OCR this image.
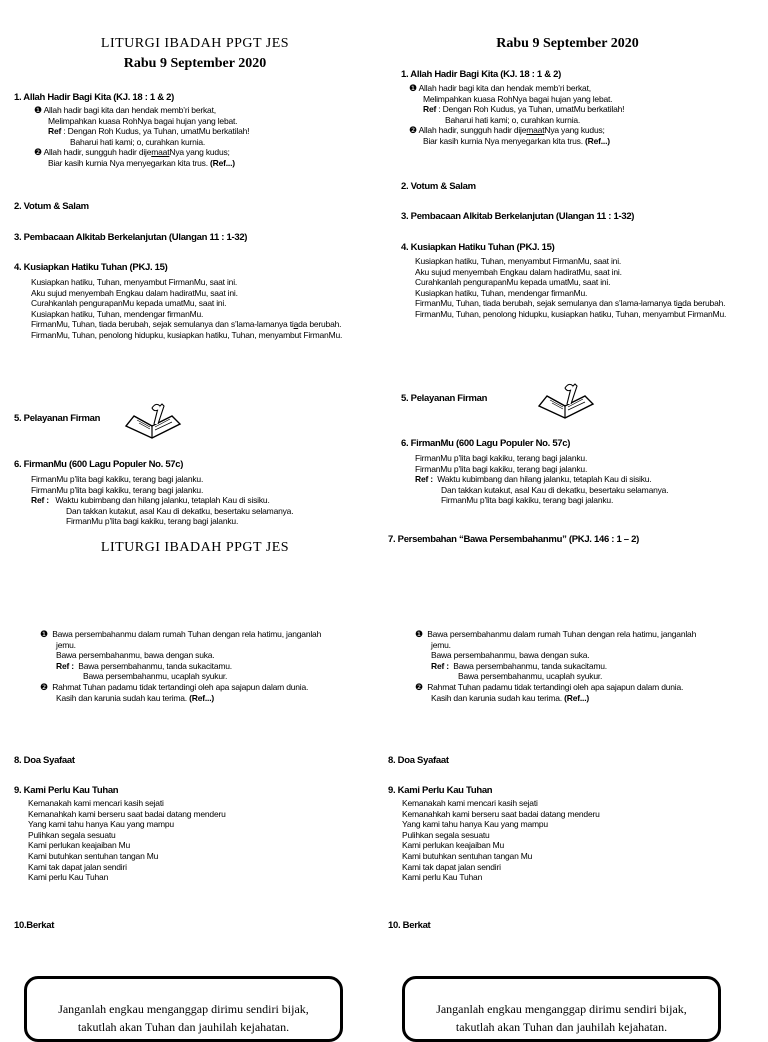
LITURGI IBADAH PPGT JES
Rabu 9 September 2020
1. Allah Hadir Bagi Kita (KJ. 18 : 1 & 2)
❶ Allah hadir bagi kita dan hendak memb’ri berkat,
Melimpahkan kuasa RohNya bagai hujan yang lebat.
Ref : Dengan Roh Kudus, ya Tuhan, umatMu berkatilah!
Baharui hati kami; o, curahkan kurnia.
❷ Allah hadir, sungguh hadir dijemaatNya yang kudus;
Biar kasih kurnia Nya menyegarkan kita trus. (Ref...)
2. Votum & Salam
3. Pembacaan Alkitab Berkelanjutan (Ulangan 11 : 1-32)
4. Kusiapkan Hatiku Tuhan (PKJ. 15)
Kusiapkan hatiku, Tuhan, menyambut FirmanMu, saat ini.
Aku sujud menyembah Engkau dalam hadiratMu, saat ini.
Curahkanlah pengurapanMu kepada umatMu, saat ini.
Kusiapkan hatiku, Tuhan, mendengar firmanMu.
FirmanMu, Tuhan, tiada berubah, sejak semulanya dan s’lama-lamanya tiada berubah.
FirmanMu, Tuhan, penolong hidupku, kusiapkan hatiku, Tuhan, menyambut FirmanMu.
5. Pelayanan Firman
6. FirmanMu (600 Lagu Populer No. 57c)
FirmanMu p’lita bagi kakiku, terang bagi jalanku.
FirmanMu p’lita bagi kakiku, terang bagi jalanku.
Ref : Waktu kubimbang dan hilang jalanku, tetaplah Kau di sisiku.
Dan takkan kutakut, asal Kau di dekatku, besertaku selamanya.
FirmanMu p’lita bagi kakiku, terang bagi jalanku.
LITURGI IBADAH PPGT JES
Rabu 9 September 2020
1. Allah Hadir Bagi Kita (KJ. 18 : 1 & 2)
❶ Allah hadir bagi kita dan hendak memb’ri berkat,
Melimpahkan kuasa RohNya bagai hujan yang lebat.
Ref : Dengan Roh Kudus, ya Tuhan, umatMu berkatilah!
Baharui hati kami; o, curahkan kurnia.
❷ Allah hadir, sungguh hadir dijemaatNya yang kudus;
Biar kasih kurnia Nya menyegarkan kita trus. (Ref...)
2. Votum & Salam
3. Pembacaan Alkitab Berkelanjutan (Ulangan 11 : 1-32)
4. Kusiapkan Hatiku Tuhan (PKJ. 15)
Kusiapkan hatiku, Tuhan, menyambut FirmanMu, saat ini.
Aku sujud menyembah Engkau dalam hadiratMu, saat ini.
Curahkanlah pengurapanMu kepada umatMu, saat ini.
Kusiapkan hatiku, Tuhan, mendengar firmanMu.
FirmanMu, Tuhan, tiada berubah, sejak semulanya dan s’lama-lamanya tiada berubah.
FirmanMu, Tuhan, penolong hidupku, kusiapkan hatiku, Tuhan, menyambut FirmanMu.
5. Pelayanan Firman
6. FirmanMu (600 Lagu Populer No. 57c)
FirmanMu p’lita bagi kakiku, terang bagi jalanku.
FirmanMu p’lita bagi kakiku, terang bagi jalanku.
Ref : Waktu kubimbang dan hilang jalanku, tetaplah Kau di sisiku.
Dan takkan kutakut, asal Kau di dekatku, besertaku selamanya.
FirmanMu p’lita bagi kakiku, terang bagi jalanku.
7. Persembahan “Bawa Persembahanmu” (PKJ. 146 : 1 – 2)
❶ Bawa persembahanmu dalam rumah Tuhan dengan rela hatimu, janganlah
jemu.
Bawa persembahanmu, bawa dengan suka.
Ref : Bawa persembahanmu, tanda sukacitamu.
Bawa persembahanmu, ucaplah syukur.
❷ Rahmat Tuhan padamu tidak tertandingi oleh apa sajapun dalam dunia.
Kasih dan karunia sudah kau terima. (Ref...)
8. Doa Syafaat
9. Kami Perlu Kau Tuhan
Kemanakah kami mencari kasih sejati
Kemanahkah kami berseru saat badai datang menderu
Yang kami tahu hanya Kau yang mampu
Pulihkan segala sesuatu
Kami perlukan keajaiban Mu
Kami butuhkan sentuhan tangan Mu
Kami tak dapat jalan sendiri
Kami perlu Kau Tuhan
10.Berkat
❶ Bawa persembahanmu dalam rumah Tuhan dengan rela hatimu, janganlah
jemu.
Bawa persembahanmu, bawa dengan suka.
Ref : Bawa persembahanmu, tanda sukacitamu.
Bawa persembahanmu, ucaplah syukur.
❷ Rahmat Tuhan padamu tidak tertandingi oleh apa sajapun dalam dunia.
Kasih dan karunia sudah kau terima. (Ref...)
8. Doa Syafaat
9. Kami Perlu Kau Tuhan
Kemanakah kami mencari kasih sejati
Kemanahkah kami berseru saat badai datang menderu
Yang kami tahu hanya Kau yang mampu
Pulihkan segala sesuatu
Kami perlukan keajaiban Mu
Kami butuhkan sentuhan tangan Mu
Kami tak dapat jalan sendiri
Kami perlu Kau Tuhan
10. Berkat
Janganlah engkau menganggap dirimu sendiri bijak,
takutlah akan Tuhan dan jauhilah kejahatan.
Janganlah engkau menganggap dirimu sendiri bijak,
takutlah akan Tuhan dan jauhilah kejahatan.
